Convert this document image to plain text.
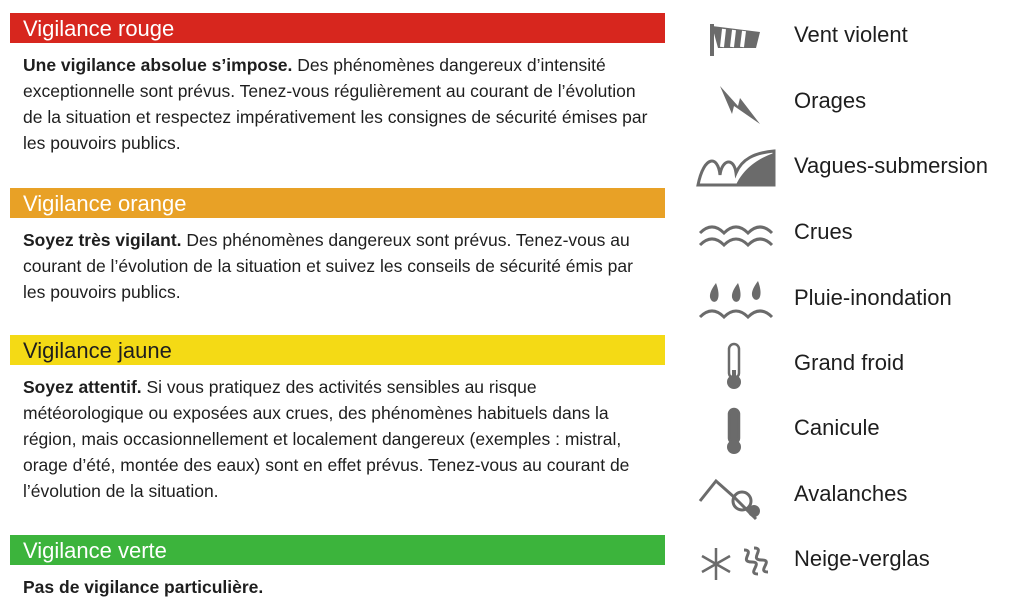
Vigilance rouge
Une vigilance absolue s’impose. Des phénomènes dangereux d’intensité exceptionnelle sont prévus. Tenez-vous régulièrement au courant de l’évolution de la situation et respectez impérativement les consignes de sécurité émises par les pouvoirs publics.
Vigilance orange
Soyez très vigilant. Des phénomènes dangereux sont prévus. Tenez-vous au courant de l’évolution de la situation et suivez les conseils de sécurité émis par les pouvoirs publics.
Vigilance jaune
Soyez attentif. Si vous pratiquez des activités sensibles au risque météorologique ou exposées aux crues, des phénomènes habituels dans la région, mais occasionnellement et localement dangereux (exemples : mistral, orage d’été, montée des eaux) sont en effet prévus. Tenez-vous au courant de l’évolution de la situation.
Vigilance verte
Pas de vigilance particulière.
Vent violent
Orages
Vagues-submersion
Crues
Pluie-inondation
Grand froid
Canicule
Avalanches
Neige-verglas
